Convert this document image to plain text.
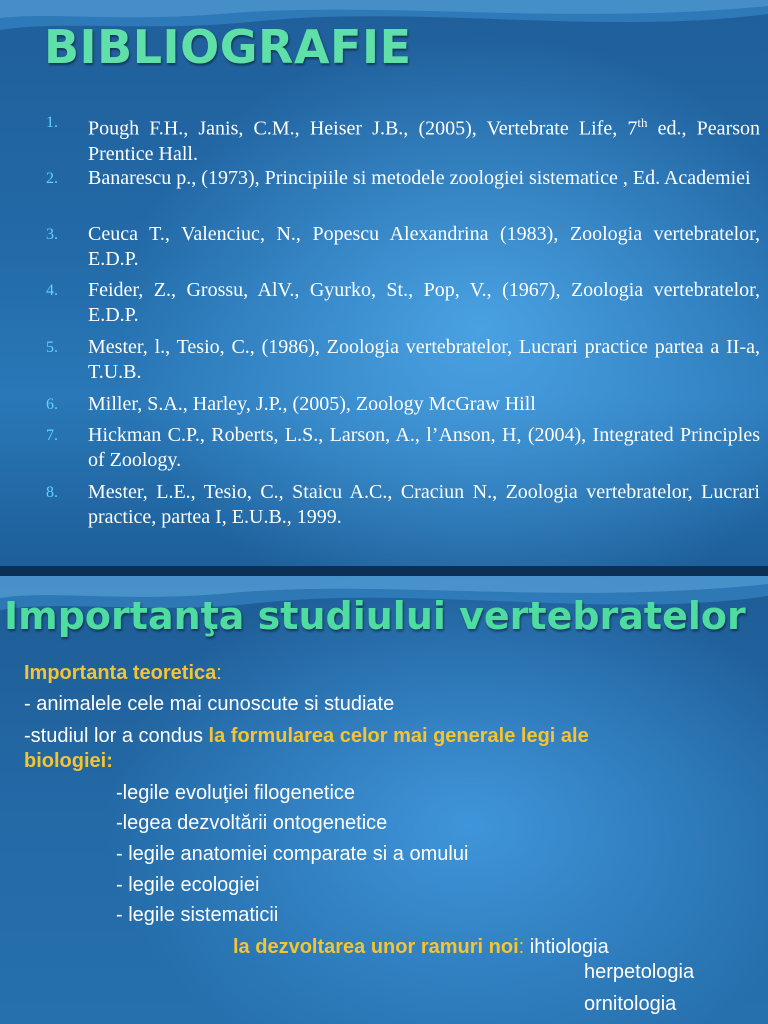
BIBLIOGRAFIE
1. Pough F.H., Janis, C.M., Heiser J.B., (2005), Vertebrate Life, 7th ed., Pearson Prentice Hall.
2. Banarescu p., (1973), Principiile si metodele zoologiei sistematice , Ed. Academiei
3. Ceuca T., Valenciuc, N., Popescu Alexandrina (1983), Zoologia vertebratelor, E.D.P.
4. Feider, Z., Grossu, AlV., Gyurko, St., Pop, V., (1967), Zoologia vertebratelor, E.D.P.
5. Mester, l., Tesio, C., (1986), Zoologia vertebratelor, Lucrari practice partea a II-a, T.U.B.
6. Miller, S.A., Harley, J.P., (2005), Zoology McGraw Hill
7. Hickman C.P., Roberts, L.S., Larson, A., l’Anson, H, (2004), Integrated Principles of Zoology.
8. Mester, L.E., Tesio, C., Staicu A.C., Craciun N., Zoologia vertebratelor, Lucrari practice, partea I, E.U.B., 1999.
Importanţa studiului vertebratelor
Importanta teoretica:
- animalele cele mai cunoscute si studiate
-studiul lor a condus la formularea celor mai generale legi ale
biologiei:
-legile evoluţiei filogenetice
-legea dezvoltării ontogenetice
- legile anatomiei comparate si a omului
- legile ecologiei
- legile sistematicii
la dezvoltarea unor ramuri noi: ihtiologia
herpetologia
ornitologia
